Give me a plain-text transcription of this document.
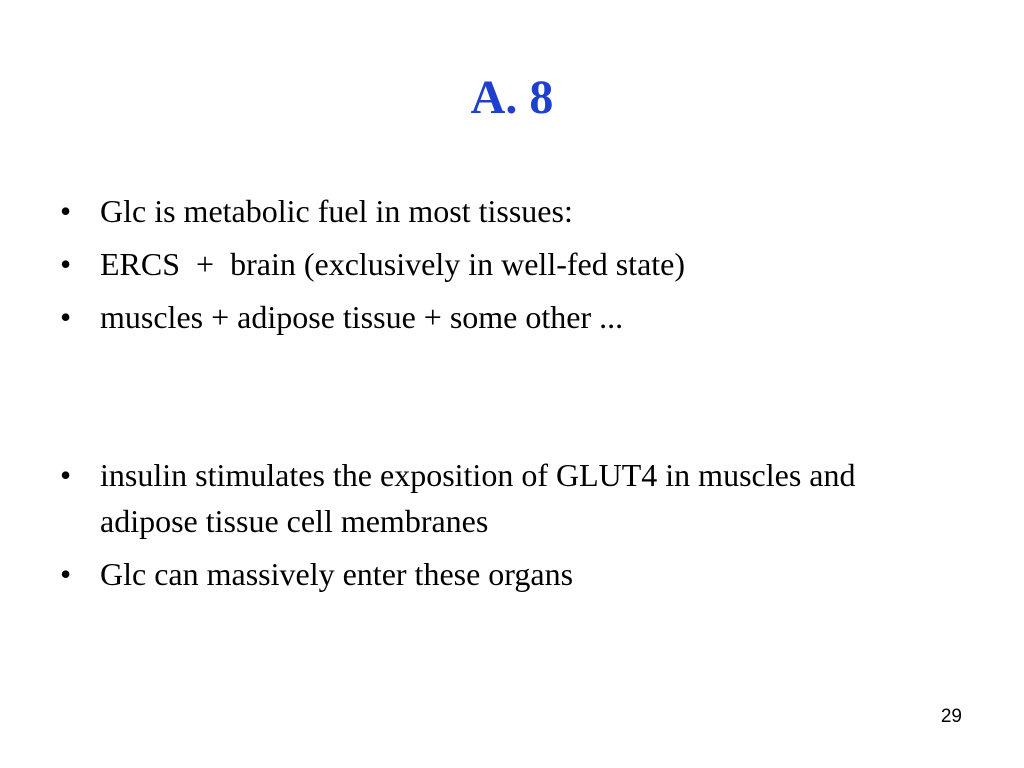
A. 8
• Glc is metabolic fuel in most tissues:
• ERCS  +  brain (exclusively in well-fed state)
• muscles + adipose tissue + some other ...
• insulin stimulates the exposition of GLUT4 in muscles and adipose tissue cell membranes
• Glc can massively enter these organs
29
